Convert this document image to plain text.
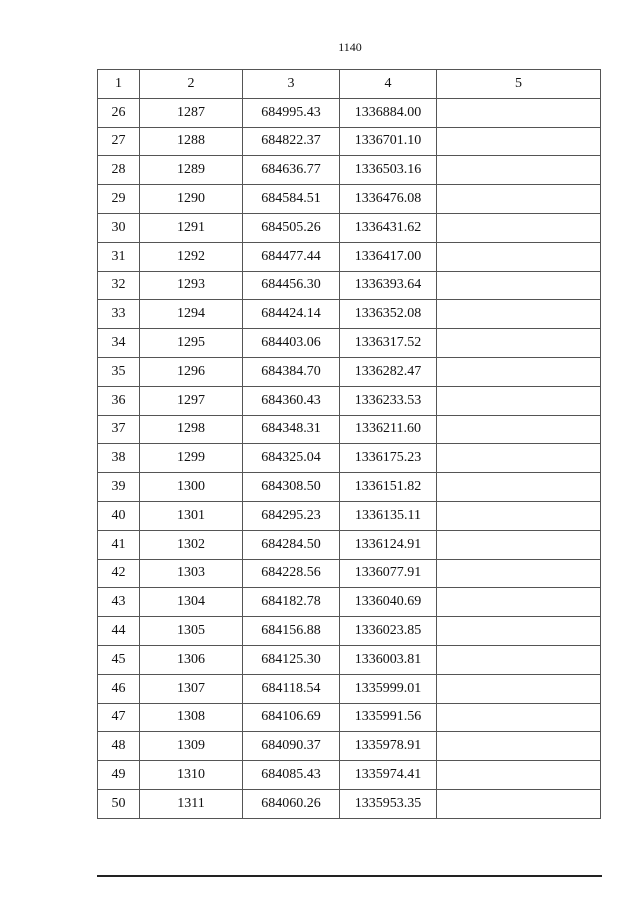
1140
1	2	3	4	5
26	1287	684995.43	1336884.00	
27	1288	684822.37	1336701.10	
28	1289	684636.77	1336503.16	
29	1290	684584.51	1336476.08	
30	1291	684505.26	1336431.62	
31	1292	684477.44	1336417.00	
32	1293	684456.30	1336393.64	
33	1294	684424.14	1336352.08	
34	1295	684403.06	1336317.52	
35	1296	684384.70	1336282.47	
36	1297	684360.43	1336233.53	
37	1298	684348.31	1336211.60	
38	1299	684325.04	1336175.23	
39	1300	684308.50	1336151.82	
40	1301	684295.23	1336135.11	
41	1302	684284.50	1336124.91	
42	1303	684228.56	1336077.91	
43	1304	684182.78	1336040.69	
44	1305	684156.88	1336023.85	
45	1306	684125.30	1336003.81	
46	1307	684118.54	1335999.01	
47	1308	684106.69	1335991.56	
48	1309	684090.37	1335978.91	
49	1310	684085.43	1335974.41	
50	1311	684060.26	1335953.35	
